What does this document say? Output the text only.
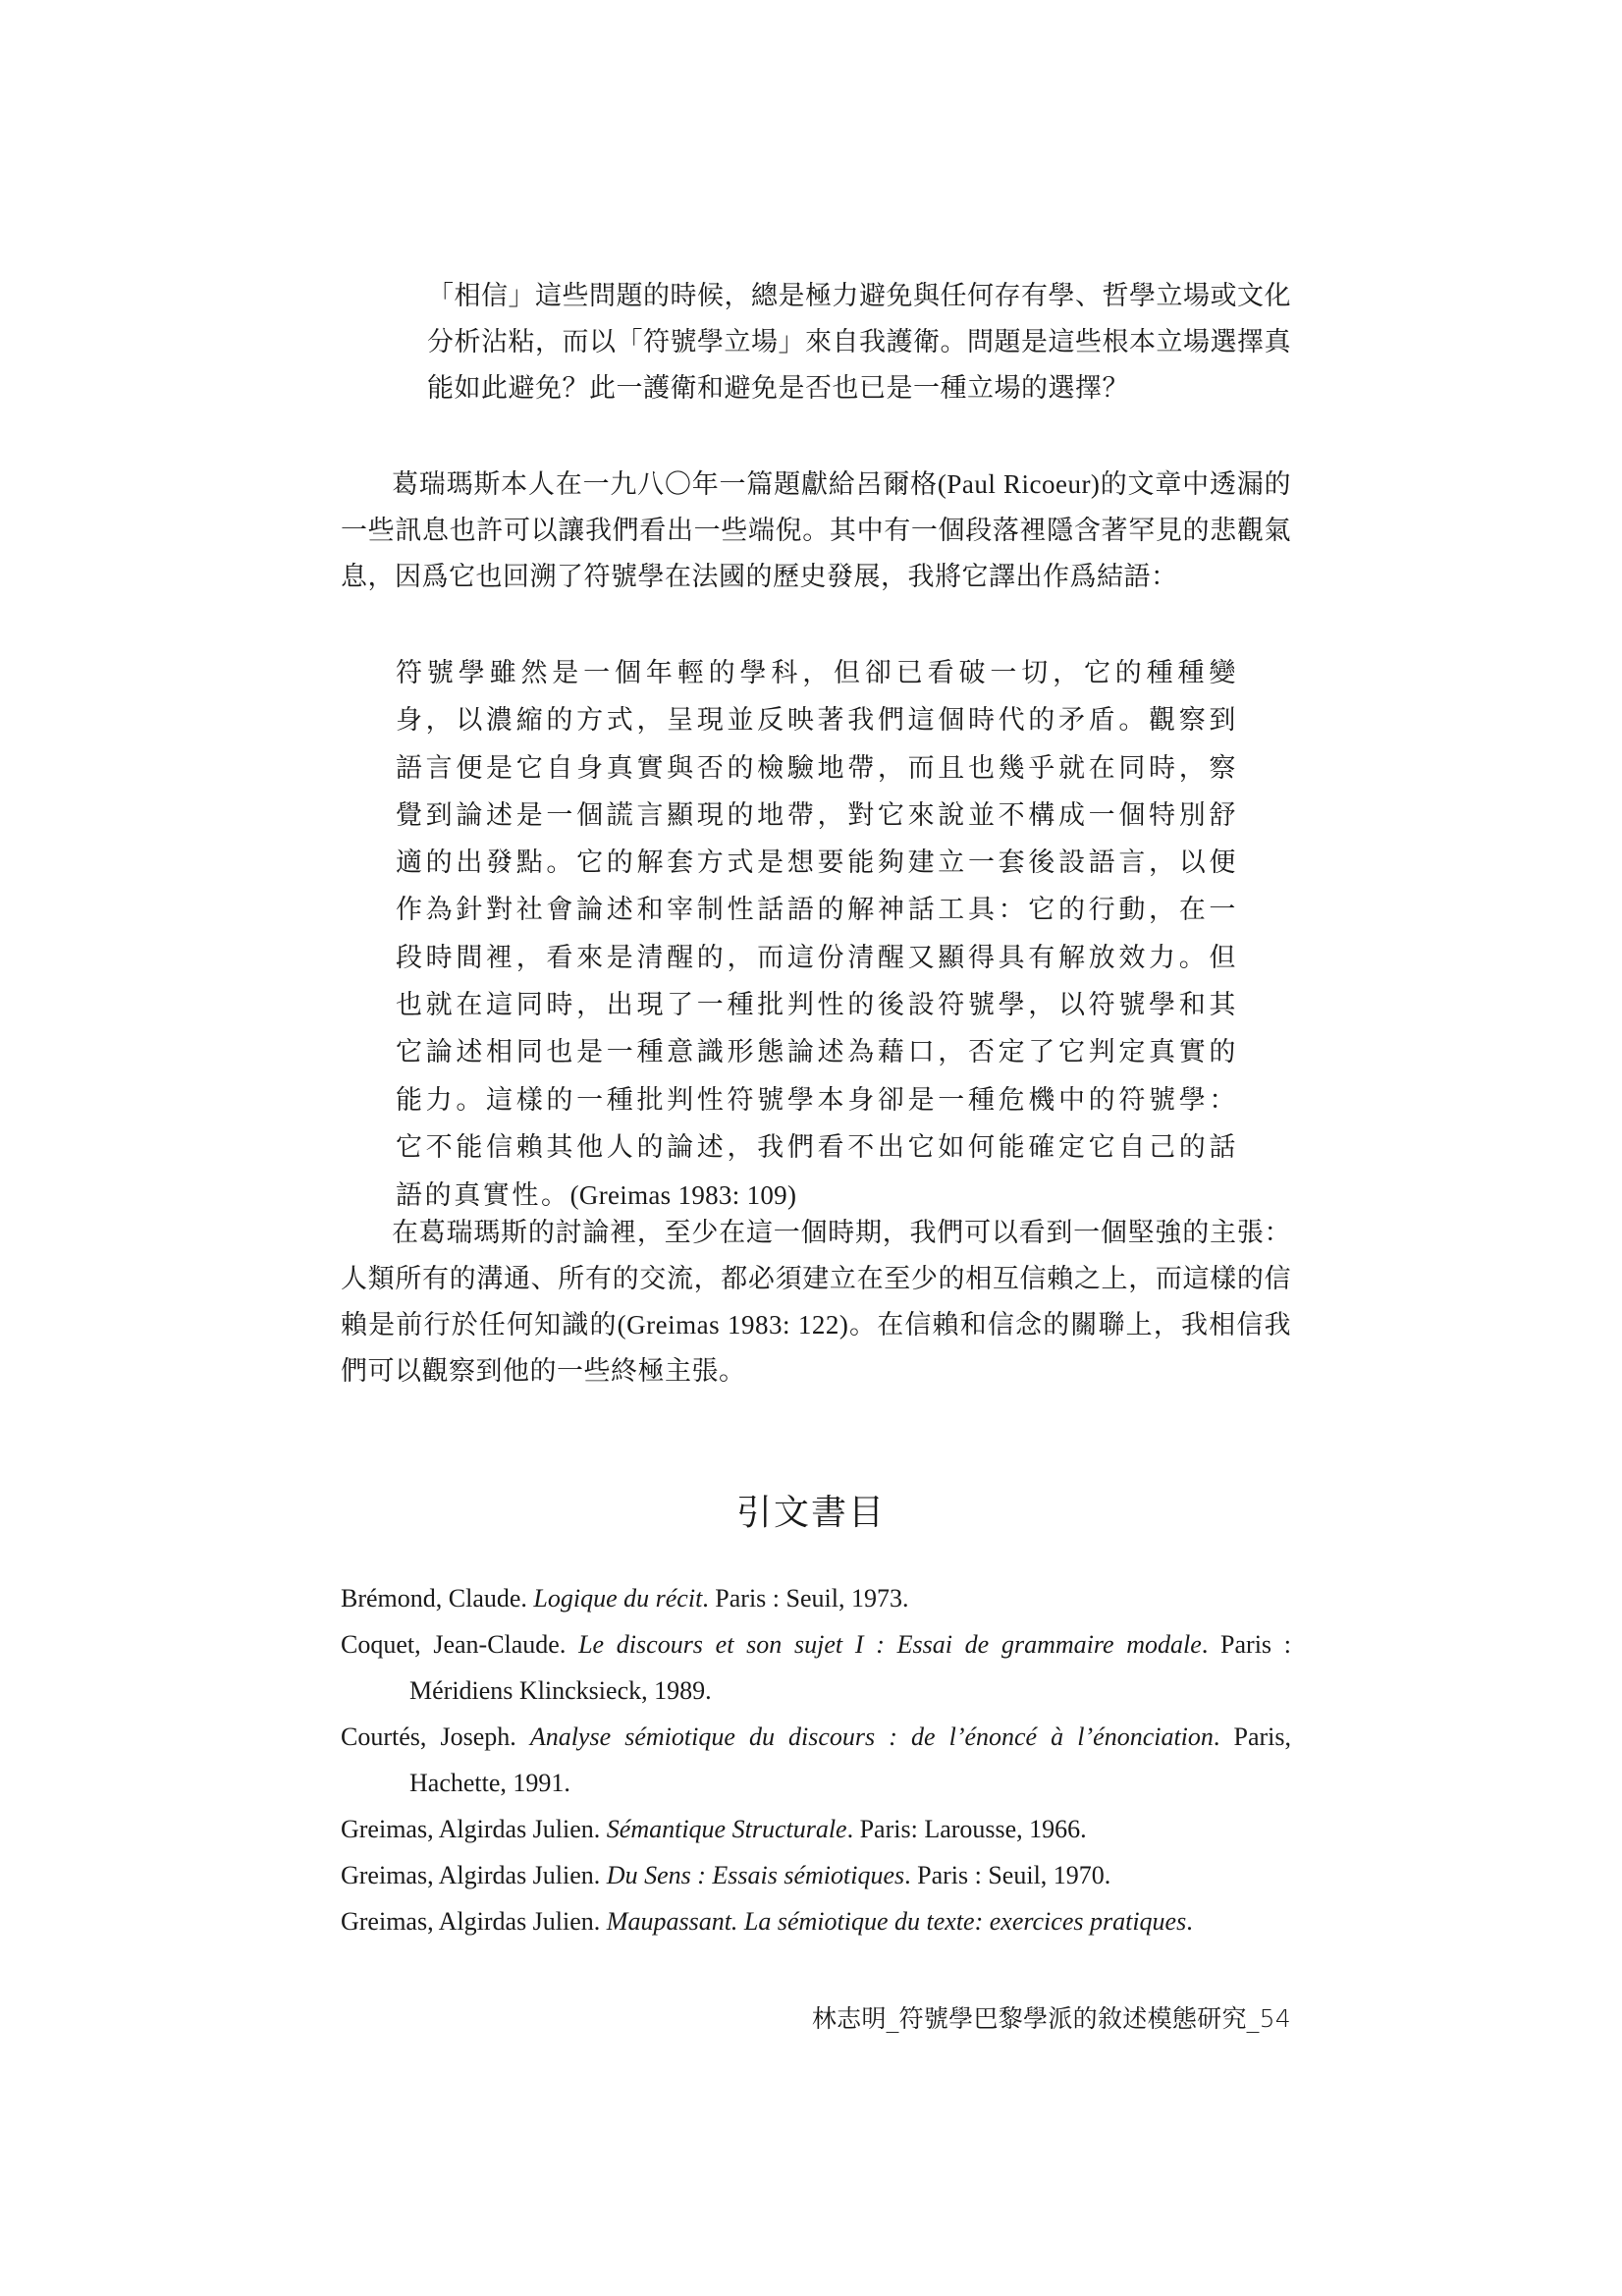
「相信」這些問題的時候，總是極力避免與任何存有學、哲學立場或文化分析沾粘，而以「符號學立場」來自我護衛。問題是這些根本立場選擇真能如此避免？此一護衛和避免是否也已是一種立場的選擇？

葛瑞瑪斯本人在一九八〇年一篇題獻給呂爾格(Paul Ricoeur)的文章中透漏的一些訊息也許可以讓我們看出一些端倪。其中有一個段落裡隱含著罕見的悲觀氣息，因爲它也回溯了符號學在法國的歷史發展，我將它譯出作爲結語：

符號學雖然是一個年輕的學科，但卻已看破一切，它的種種變身，以濃縮的方式，呈現並反映著我們這個時代的矛盾。觀察到語言便是它自身真實與否的檢驗地帶，而且也幾乎就在同時，察覺到論述是一個謊言顯現的地帶，對它來說並不構成一個特別舒適的出發點。它的解套方式是想要能夠建立一套後設語言，以便作為針對社會論述和宰制性話語的解神話工具：它的行動，在一段時間裡，看來是清醒的，而這份清醒又顯得具有解放效力。但也就在這同時，出現了一種批判性的後設符號學，以符號學和其它論述相同也是一種意識形態論述為藉口，否定了它判定真實的能力。這樣的一種批判性符號學本身卻是一種危機中的符號學：它不能信賴其他人的論述，我們看不出它如何能確定它自己的話語的真實性。(Greimas 1983: 109)

在葛瑞瑪斯的討論裡，至少在這一個時期，我們可以看到一個堅強的主張：人類所有的溝通、所有的交流，都必須建立在至少的相互信賴之上，而這樣的信賴是前行於任何知識的(Greimas 1983: 122)。在信賴和信念的關聯上，我相信我們可以觀察到他的一些終極主張。

引文書目
Brémond, Claude. Logique du récit. Paris : Seuil, 1973.
Coquet, Jean-Claude. Le discours et son sujet I : Essai de grammaire modale. Paris : Méridiens Klincksieck, 1989.
Courtés, Joseph. Analyse sémiotique du discours : de l’énoncé à l’énonciation. Paris, Hachette, 1991.
Greimas, Algirdas Julien. Sémantique Structurale. Paris: Larousse, 1966.
Greimas, Algirdas Julien. Du Sens : Essais sémiotiques. Paris : Seuil, 1970.
Greimas, Algirdas Julien. Maupassant. La sémiotique du texte: exercices pratiques.

林志明_符號學巴黎學派的敘述模態研究_54
